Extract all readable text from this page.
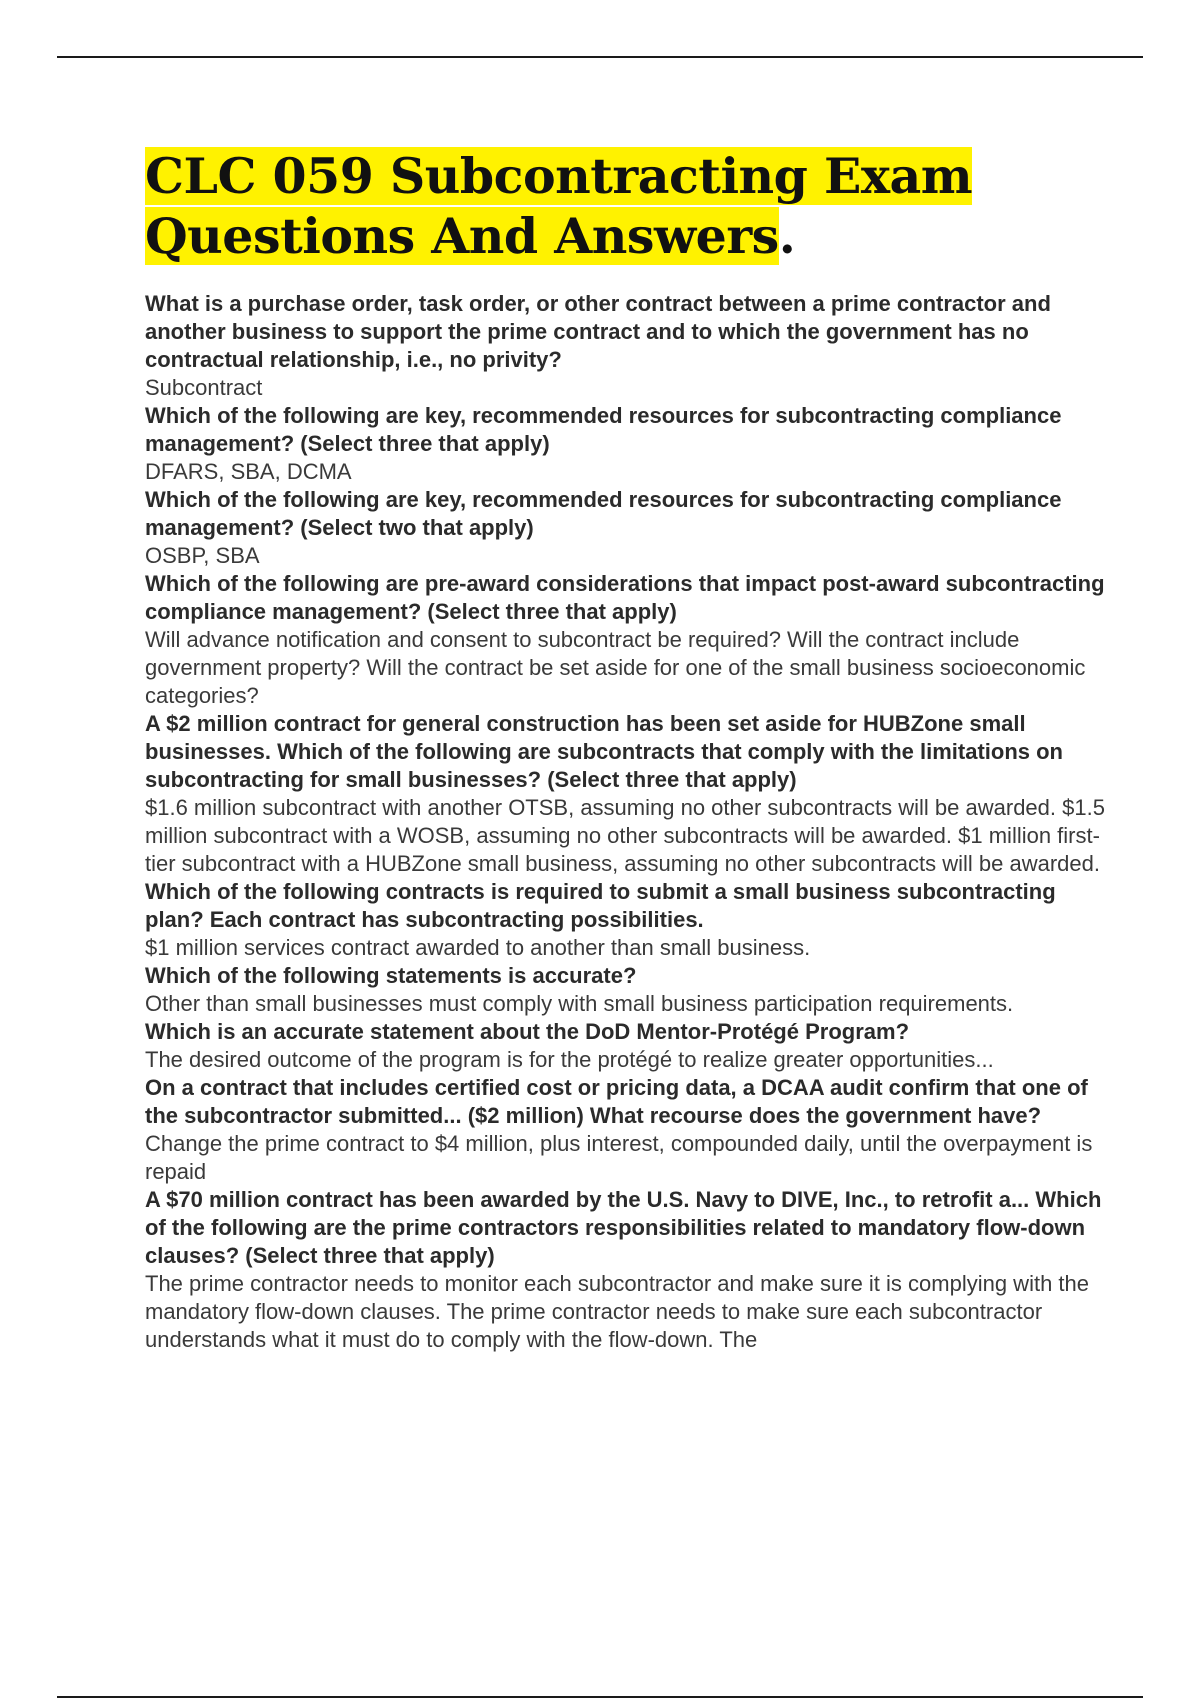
CLC 059 Subcontracting Exam Questions And Answers.

What is a purchase order, task order, or other contract between a prime contractor and another business to support the prime contract and to which the government has no contractual relationship, i.e., no privity?

Subcontract

Which of the following are key, recommended resources for subcontracting compliance management? (Select three that apply)

DFARS, SBA, DCMA

Which of the following are key, recommended resources for subcontracting compliance management? (Select two that apply)

OSBP, SBA

Which of the following are pre-award considerations that impact post-award subcontracting compliance management? (Select three that apply)

Will advance notification and consent to subcontract be required? Will the contract include government property? Will the contract be set aside for one of the small business socioeconomic categories?

A $2 million contract for general construction has been set aside for HUBZone small businesses. Which of the following are subcontracts that comply with the limitations on subcontracting for small businesses? (Select three that apply)

$1.6 million subcontract with another OTSB, assuming no other subcontracts will be awarded. $1.5 million subcontract with a WOSB, assuming no other subcontracts will be awarded. $1 million first-tier subcontract with a HUBZone small business, assuming no other subcontracts will be awarded.

Which of the following contracts is required to submit a small business subcontracting plan? Each contract has subcontracting possibilities.

$1 million services contract awarded to another than small business.

Which of the following statements is accurate?

Other than small businesses must comply with small business participation requirements.

Which is an accurate statement about the DoD Mentor-Protégé Program?

The desired outcome of the program is for the protégé to realize greater opportunities...

On a contract that includes certified cost or pricing data, a DCAA audit confirm that one of the subcontractor submitted... ($2 million) What recourse does the government have?

Change the prime contract to $4 million, plus interest, compounded daily, until the overpayment is repaid

A $70 million contract has been awarded by the U.S. Navy to DIVE, Inc., to retrofit a... Which of the following are the prime contractors responsibilities related to mandatory flow-down clauses? (Select three that apply)

The prime contractor needs to monitor each subcontractor and make sure it is complying with the mandatory flow-down clauses. The prime contractor needs to make sure each subcontractor understands what it must do to comply with the flow-down. The
